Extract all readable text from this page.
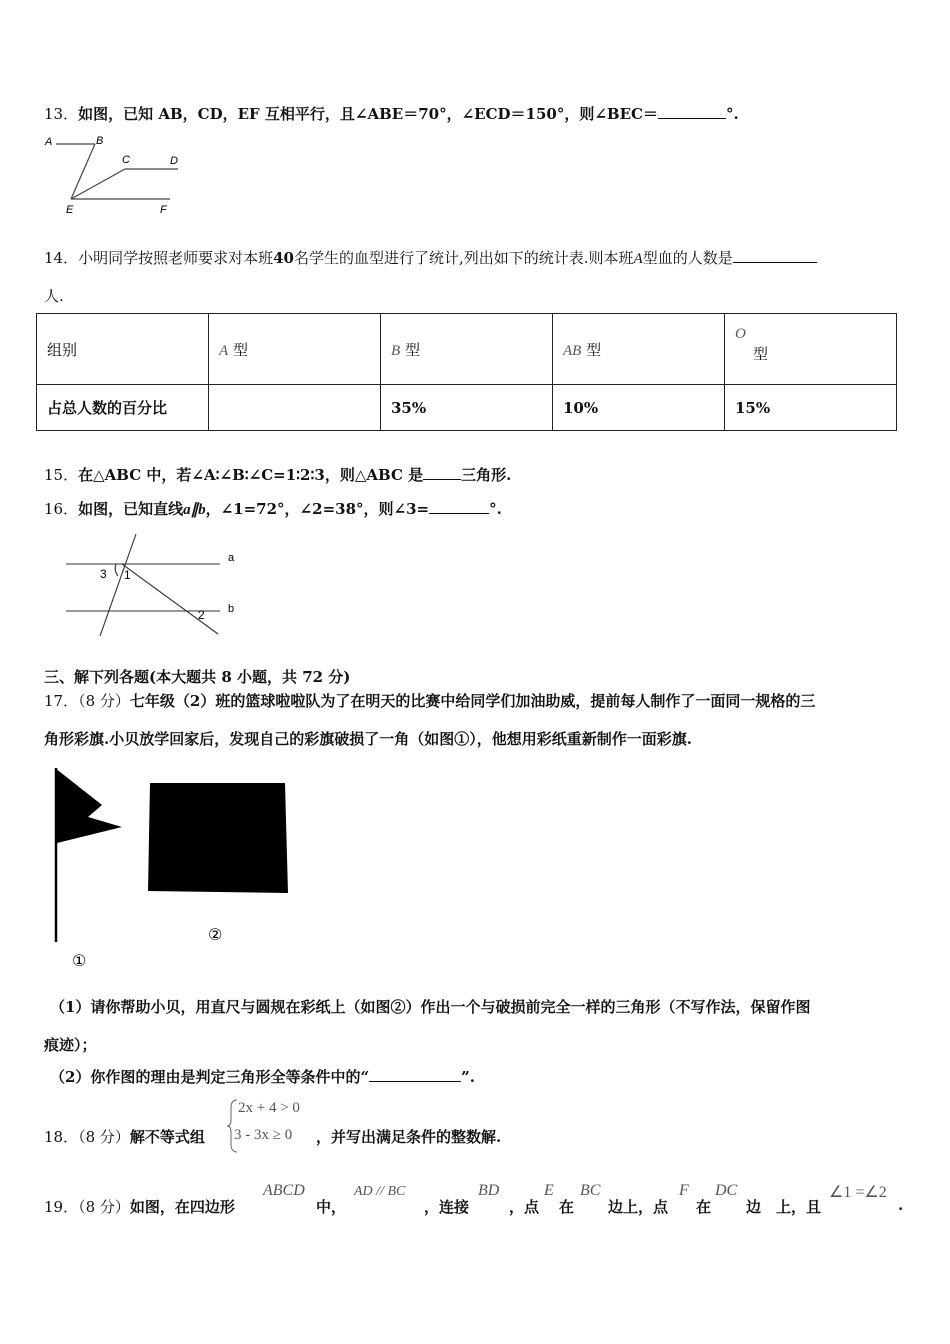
13．如图，已知 AB，CD，EF 互相平行，且∠ABE＝70°，∠ECD＝150°，则∠BEC＝	°.
A	B
C	D
E	F
14．小明同学按照老师要求对本班40名学生的血型进行了统计,列出如下的统计表.则本班A型血的人数是
人.
组别	A 型	B 型	AB 型	O
型

占总人数的百分比		35%	10%	15%
15．在△ABC 中，若∠A∶∠B∶∠C=1∶2∶3，则△ABC 是	三角形.
16．如图，已知直线a∥b，∠1=72°，∠2=38°，则∠3=	°.
a
b
1
2
3
三、解下列各题(本大题共 8 小题，共 72 分)
17．（8 分）七年级（2）班的篮球啦啦队为了在明天的比赛中给同学们加油助威，提前每人制作了一面同一规格的三
角形彩旗.小贝放学回家后，发现自己的彩旗破损了一角（如图①），他想用彩纸重新制作一面彩旗.
①
②
（1）请你帮助小贝，用直尺与圆规在彩纸上（如图②）作出一个与破损前完全一样的三角形（不写作法，保留作图
痕迹）；
（2）你作图的理由是判定三角形全等条件中的“	”.
18．（8 分）解不等式组
2x + 4 > 0
3 - 3x ≥ 0 ，并写出满足条件的整数解.
19．（8 分）如图，在四边形
ABCD
中，
AD // BC
，连接
BD
，点
E
在
BC
边上，点
F
在
DC
边　上，且
∠1 =∠2
.
